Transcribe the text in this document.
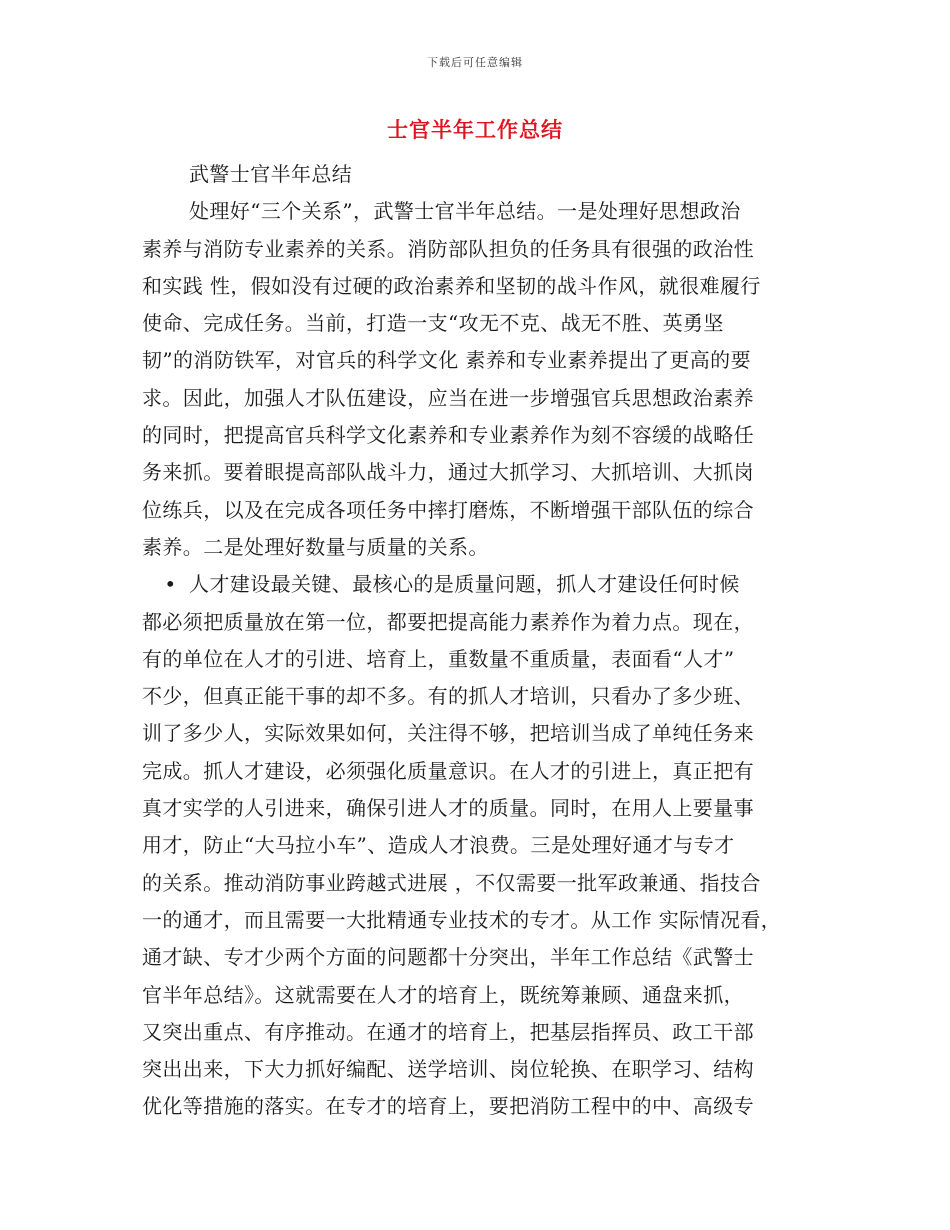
下载后可任意编辑
士官半年工作总结
武警士官半年总结
处理好“三个关系”，武警士官半年总结。一是处理好思想政治
素养与消防专业素养的关系。消防部队担负的任务具有很强的政治性
和实践 性，假如没有过硬的政治素养和坚韧的战斗作风，就很难履行
使命、完成任务。当前，打造一支“攻无不克、战无不胜、英勇坚
韧”的消防铁军，对官兵的科学文化 素养和专业素养提出了更高的要
求。因此，加强人才队伍建设，应当在进一步增强官兵思想政治素养
的同时，把提高官兵科学文化素养和专业素养作为刻不容缓的战略任
务来抓。要着眼提高部队战斗力，通过大抓学习、大抓培训、大抓岗
位练兵，以及在完成各项任务中摔打磨炼，不断增强干部队伍的综合
素养。二是处理好数量与质量的关系。
• 人才建设最关键、最核心的是质量问题，抓人才建设任何时候
都必须把质量放在第一位，都要把提高能力素养作为着力点。现在，
有的单位在人才的引进、培育上，重数量不重质量，表面看“人才”
不少，但真正能干事的却不多。有的抓人才培训，只看办了多少班、
训了多少人，实际效果如何，关注得不够，把培训当成了单纯任务来
完成。抓人才建设，必须强化质量意识。在人才的引进上，真正把有
真才实学的人引进来，确保引进人才的质量。同时，在用人上要量事
用才，防止“大马拉小车”、造成人才浪费。三是处理好通才与专才
的关系。推动消防事业跨越式进展 ，不仅需要一批军政兼通、指技合
一的通才，而且需要一大批精通专业技术的专才。从工作 实际情况看，
通才缺、专才少两个方面的问题都十分突出，半年工作总结《武警士
官半年总结》。这就需要在人才的培育上，既统筹兼顾、通盘来抓，
又突出重点、有序推动。在通才的培育上，把基层指挥员、政工干部
突出出来，下大力抓好编配、送学培训、岗位轮换、在职学习、结构
优化等措施的落实。在专才的培育上，要把消防工程中的中、高级专
